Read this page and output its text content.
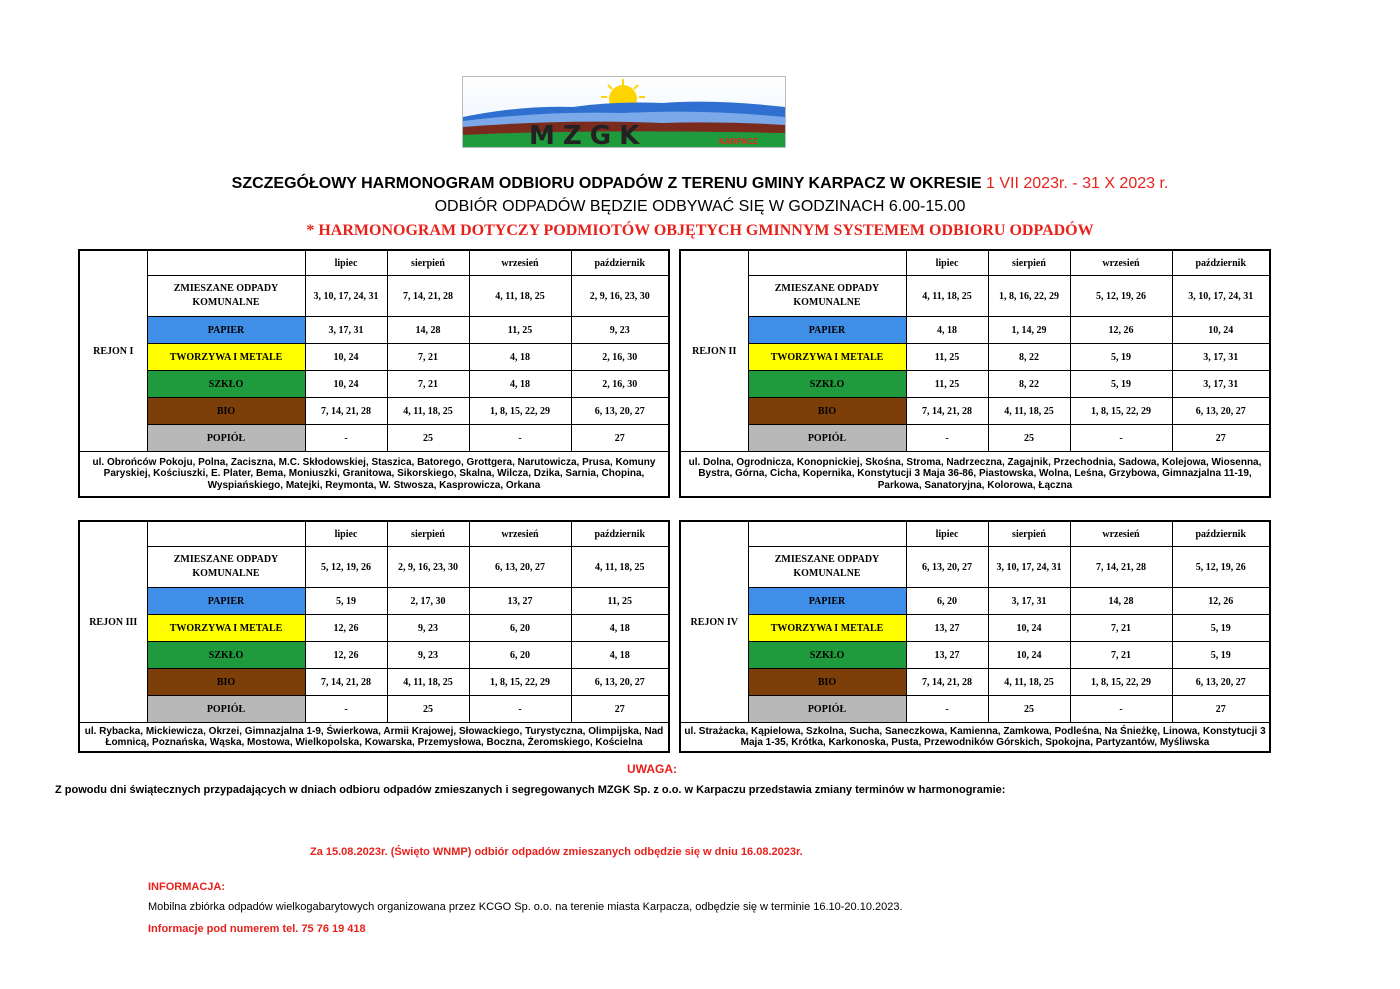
MZGK	KARPACZ
SZCZEGÓŁOWY HARMONOGRAM ODBIORU ODPADÓW Z TERENU GMINY KARPACZ W OKRESIE 1 VII 2023r. - 31 X 2023 r.
ODBIÓR ODPADÓW BĘDZIE ODBYWAĆ SIĘ W GODZINACH 6.00-15.00
* HARMONOGRAM DOTYCZY PODMIOTÓW OBJĘTYCH GMINNYM SYSTEMEM ODBIORU ODPADÓW
REJON I		lipiec	sierpień	wrzesień	październik
	ZMIESZANE ODPADY KOMUNALNE	3, 10, 17, 24, 31	7, 14, 21, 28	4, 11, 18, 25	2, 9, 16, 23, 30
	PAPIER	3, 17, 31	14, 28	11, 25	9, 23
	TWORZYWA I METALE	10, 24	7, 21	4, 18	2, 16, 30
	SZKŁO	10, 24	7, 21	4, 18	2, 16, 30
	BIO	7, 14, 21, 28	4, 11, 18, 25	1, 8, 15, 22, 29	6, 13, 20, 27
	POPIÓŁ	-	25	-	27
ul. Obrońców Pokoju, Polna, Zaciszna, M.C. Skłodowskiej, Staszica, Batorego, Grottgera, Narutowicza, Prusa, Komuny Paryskiej, Kościuszki, E. Plater, Bema, Moniuszki, Granitowa, Sikorskiego, Skalna, Wilcza, Dzika, Sarnia, Chopina, Wyspiańskiego, Matejki, Reymonta, W. Stwosza, Kasprowicza, Orkana					
REJON II		lipiec	sierpień	wrzesień	październik
	ZMIESZANE ODPADY KOMUNALNE	4, 11, 18, 25	1, 8, 16, 22, 29	5, 12, 19, 26	3, 10, 17, 24, 31
	PAPIER	4, 18	1, 14, 29	12, 26	10, 24
	TWORZYWA I METALE	11, 25	8, 22	5, 19	3, 17, 31
	SZKŁO	11, 25	8, 22	5, 19	3, 17, 31
	BIO	7, 14, 21, 28	4, 11, 18, 25	1, 8, 15, 22, 29	6, 13, 20, 27
	POPIÓŁ	-	25	-	27
ul. Dolna, Ogrodnicza, Konopnickiej, Skośna, Stroma, Nadrzeczna, Zagajnik, Przechodnia, Sadowa, Kolejowa, Wiosenna, Bystra, Górna, Cicha, Kopernika, Konstytucji 3 Maja 36-86, Piastowska, Wolna, Leśna, Grzybowa, Gimnazjalna 11-19, Parkowa, Sanatoryjna, Kolorowa, Łączna					
REJON III		lipiec	sierpień	wrzesień	październik
	ZMIESZANE ODPADY KOMUNALNE	5, 12, 19, 26	2, 9, 16, 23, 30	6, 13, 20, 27	4, 11, 18, 25
	PAPIER	5, 19	2, 17, 30	13, 27	11, 25
	TWORZYWA I METALE	12, 26	9, 23	6, 20	4, 18
	SZKŁO	12, 26	9, 23	6, 20	4, 18
	BIO	7, 14, 21, 28	4, 11, 18, 25	1, 8, 15, 22, 29	6, 13, 20, 27
	POPIÓŁ	-	25	-	27
ul. Rybacka, Mickiewicza, Okrzei, Gimnazjalna 1-9, Świerkowa, Armii Krajowej, Słowackiego, Turystyczna, Olimpijska, Nad Łomnicą, Poznańska, Wąska, Mostowa, Wielkopolska, Kowarska, Przemysłowa, Boczna, Żeromskiego, Kościelna					
REJON IV		lipiec	sierpień	wrzesień	październik
	ZMIESZANE ODPADY KOMUNALNE	6, 13, 20, 27	3, 10, 17, 24, 31	7, 14, 21, 28	5, 12, 19, 26
	PAPIER	6, 20	3, 17, 31	14, 28	12, 26
	TWORZYWA I METALE	13, 27	10, 24	7, 21	5, 19
	SZKŁO	13, 27	10, 24	7, 21	5, 19
	BIO	7, 14, 21, 28	4, 11, 18, 25	1, 8, 15, 22, 29	6, 13, 20, 27
	POPIÓŁ	-	25	-	27
ul. Strażacka, Kąpielowa, Szkolna, Sucha, Saneczkowa, Kamienna, Zamkowa, Podleśna, Na Śnieżkę, Linowa, Konstytucji 3 Maja 1-35, Krótka, Karkonoska, Pusta, Przewodników Górskich, Spokojna, Partyzantów, Myśliwska					
UWAGA:
Z powodu dni świątecznych przypadających w dniach odbioru odpadów zmieszanych i segregowanych MZGK Sp. z o.o. w Karpaczu przedstawia zmiany terminów w harmonogramie:
Za 15.08.2023r. (Święto WNMP) odbiór odpadów zmieszanych odbędzie się w dniu 16.08.2023r.
INFORMACJA:
Mobilna zbiórka odpadów wielkogabarytowych organizowana przez KCGO Sp. o.o. na terenie miasta Karpacza, odbędzie się w terminie 16.10-20.10.2023.
Informacje pod numerem tel. 75 76 19 418
